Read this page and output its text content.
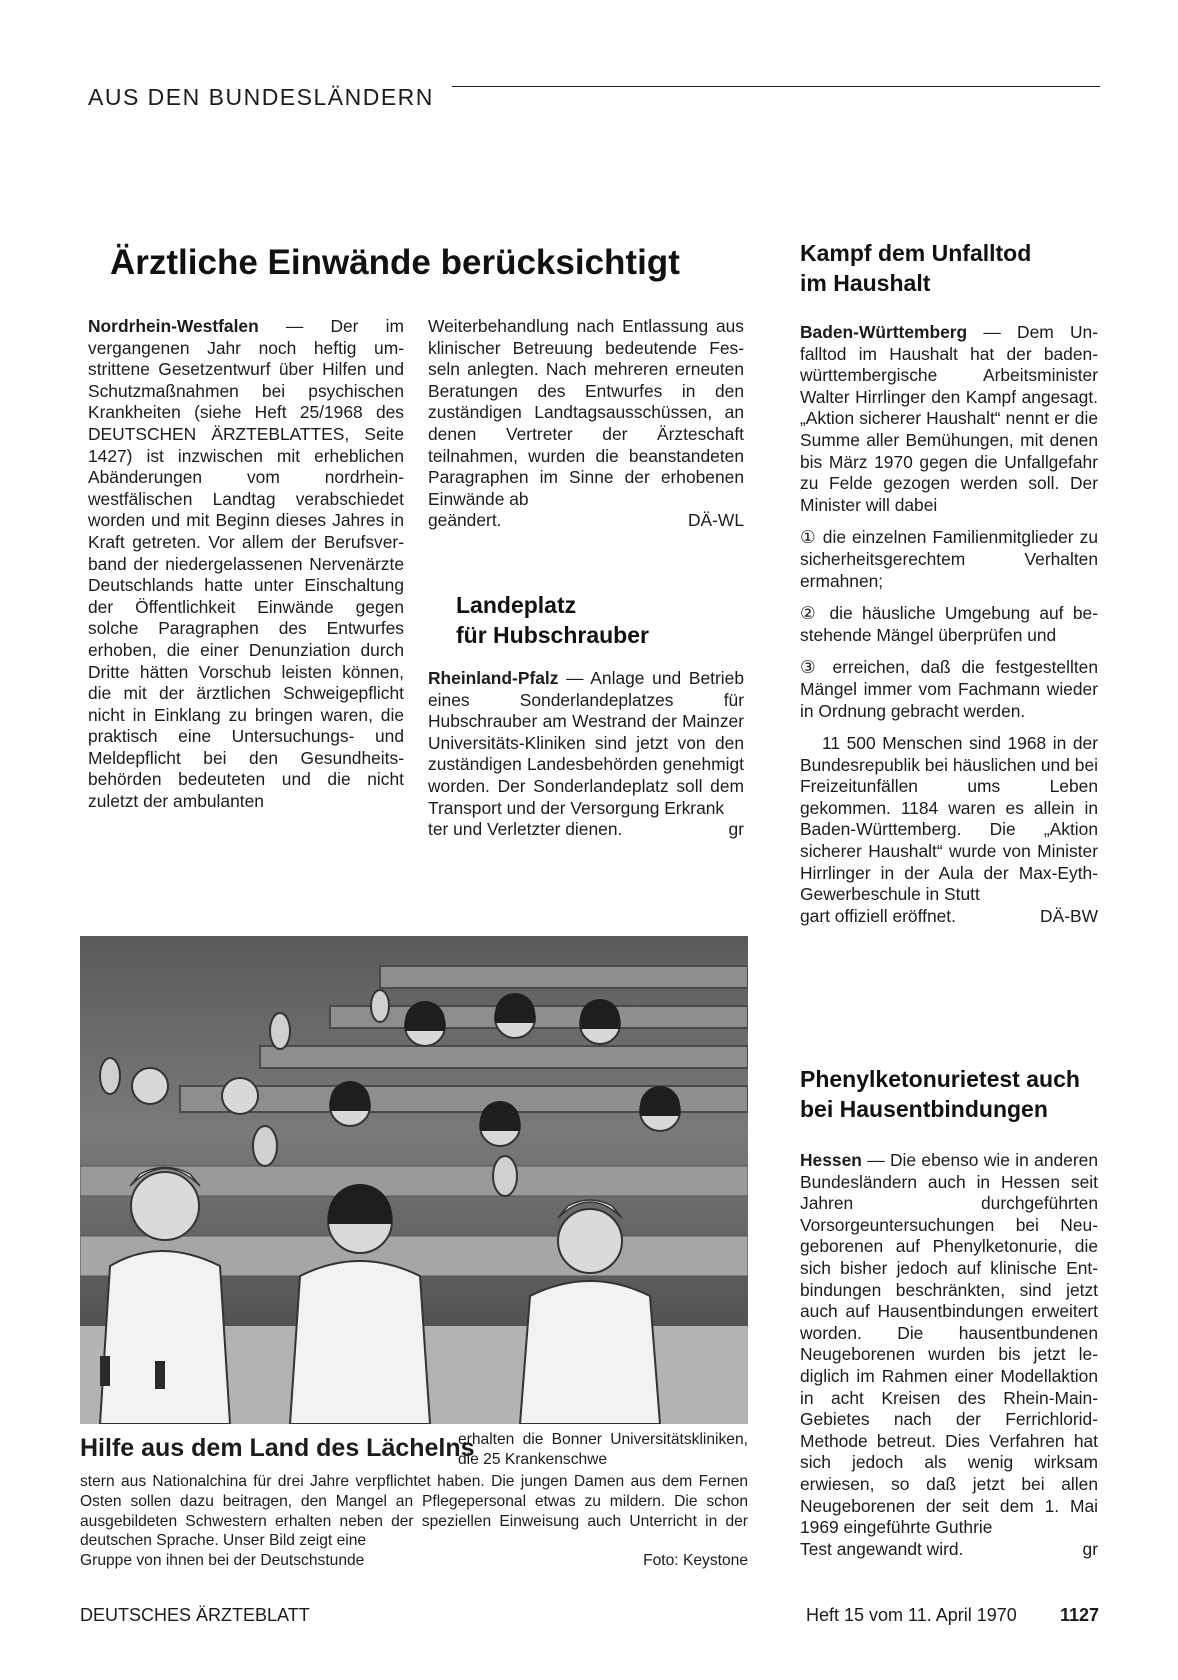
AUS DEN BUNDESLÄNDERN
Ärztliche Einwände berücksichtigt
Nordrhein-Westfalen — Der im vergangenen Jahr noch heftig umstrittene Gesetzentwurf über Hilfen und Schutzmaßnahmen bei psychischen Krankheiten (siehe Heft 25/1968 des DEUTSCHEN ÄRZTEBLATTES, Seite 1427) ist inzwischen mit erheblichen Abänderungen vom nordrhein-westfälischen Landtag verabschiedet worden und mit Beginn dieses Jahres in Kraft getreten. Vor allem der Berufsverband der niedergelassenen Nervenärzte Deutschlands hatte unter Einschaltung der Öffentlichkeit Einwände gegen solche Paragraphen des Entwurfes erhoben, die einer Denunziation durch Dritte hätten Vorschub leisten können, die mit der ärztlichen Schweigepflicht nicht in Einklang zu bringen waren, die praktisch eine Untersuchungs- und Meldepflicht bei den Gesundheitsbehörden bedeuteten und die nicht zuletzt der ambulanten
Weiterbehandlung nach Entlassung aus klinischer Betreuung bedeutende Fesseln anlegten. Nach mehreren erneuten Beratungen des Entwurfes in den zuständigen Landtagsausschüssen, an denen Vertreter der Ärzteschaft teilnahmen, wurden die beanstandeten Paragraphen im Sinne der erhobenen Einwände ab
geändert.	DÄ-WL
Landeplatz
für Hubschrauber

Rheinland-Pfalz — Anlage und Betrieb eines Sonderlandeplatzes für Hubschrauber am Westrand der Mainzer Universitäts-Kliniken sind jetzt von den zuständigen Landesbehörden genehmigt worden. Der Sonderlandeplatz soll dem Transport und der Versorgung Erkrank

ter und Verletzter dienen.	gr
Kampf dem Unfalltod
im Haushalt

Baden-Württemberg — Dem Unfalltod im Haushalt hat der badenwürttembergische Arbeitsminister Walter Hirrlinger den Kampf angesagt. „Aktion sicherer Haushalt“ nennt er die Summe aller Bemühungen, mit denen bis März 1970 gegen die Unfallgefahr zu Felde gezogen werden soll. Der Minister will dabei

① die einzelnen Familienmitglieder zu sicherheitsgerechtem Verhalten ermahnen;

② die häusliche Umgebung auf bestehende Mängel überprüfen und

③ erreichen, daß die festgestellten Mängel immer vom Fachmann wieder in Ordnung gebracht werden.

11 500 Menschen sind 1968 in der Bundesrepublik bei häuslichen und bei Freizeitunfällen ums Leben gekommen. 1184 waren es allein in Baden-Württemberg. Die „Aktion sicherer Haushalt“ wurde von Minister Hirrlinger in der Aula der Max-Eyth-Gewerbeschule in Stutt

gart offiziell eröffnet.	DÄ-BW
Phenylketonurietest auch
bei Hausentbindungen

Hessen — Die ebenso wie in anderen Bundesländern auch in Hessen seit Jahren durchgeführten Vorsorgeuntersuchungen bei Neugeborenen auf Phenylketonurie, die sich bisher jedoch auf klinische Entbindungen beschränkten, sind jetzt auch auf Hausentbindungen erweitert worden. Die hausentbundenen Neugeborenen wurden bis jetzt lediglich im Rahmen einer Modellaktion in acht Kreisen des Rhein-Main-Gebietes nach der Ferrichlorid-Methode betreut. Dies Verfahren hat sich jedoch als wenig wirksam erwiesen, so daß jetzt bei allen Neugeborenen der seit dem 1. Mai 1969 eingeführte Guthrie

Test angewandt wird.	gr
Hilfe aus dem Land des Lächelns
erhalten die Bonner Universitätskliniken, die 25 Krankenschwe
stern aus Nationalchina für drei Jahre verpflichtet haben. Die jungen Damen aus dem Fernen Osten sollen dazu beitragen, den Mangel an Pflegepersonal etwas zu mildern. Die schon ausgebildeten Schwestern erhalten neben der speziellen Einweisung auch Unterricht in der deutschen Sprache. Unser Bild zeigt eine
Gruppe von ihnen bei der Deutschstunde	Foto: Keystone
DEUTSCHES ÄRZTEBLATT	Heft 15 vom 11. April 1970 1127
